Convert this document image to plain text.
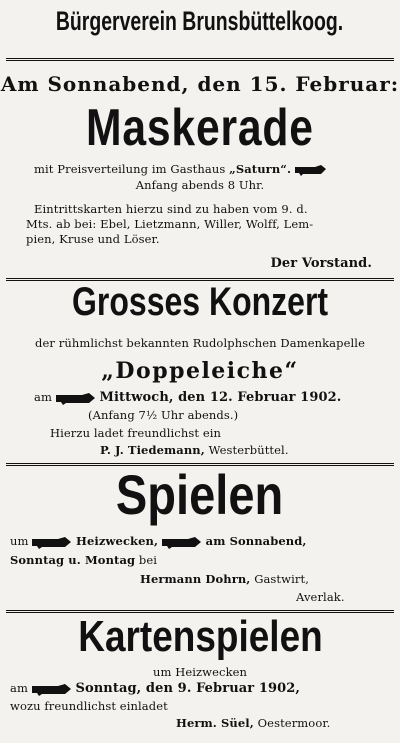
Bürgerverein Brunsbüttelkoog.
Am Sonnabend, den 15. Februar:
Maskerade
mit Preisverteilung im Gasthaus „Saturn“.
Anfang abends 8 Uhr.
Eintrittskarten hierzu sind zu haben vom 9. d.
Mts. ab bei: Ebel, Lietzmann, Willer, Wolff, Lem-
pien, Kruse und Löser.
Der Vorstand.
Grosses Konzert
der rühmlichst bekannten Rudolphschen Damenkapelle
„Doppeleiche“
am	Mittwoch, den 12. Februar 1902.
(Anfang 7½ Uhr abends.)
Hierzu ladet freundlichst ein
P. J. Tiedemann, Westerbüttel.
Spielen
um	Heizwecken,	am Sonnabend,
Sonntag u. Montag bei
Hermann Dohrn, Gastwirt,
Averlak.
Kartenspielen
um Heizwecken
am	Sonntag, den 9. Februar 1902,
wozu freundlichst einladet
Herm. Süel, Oestermoor.
